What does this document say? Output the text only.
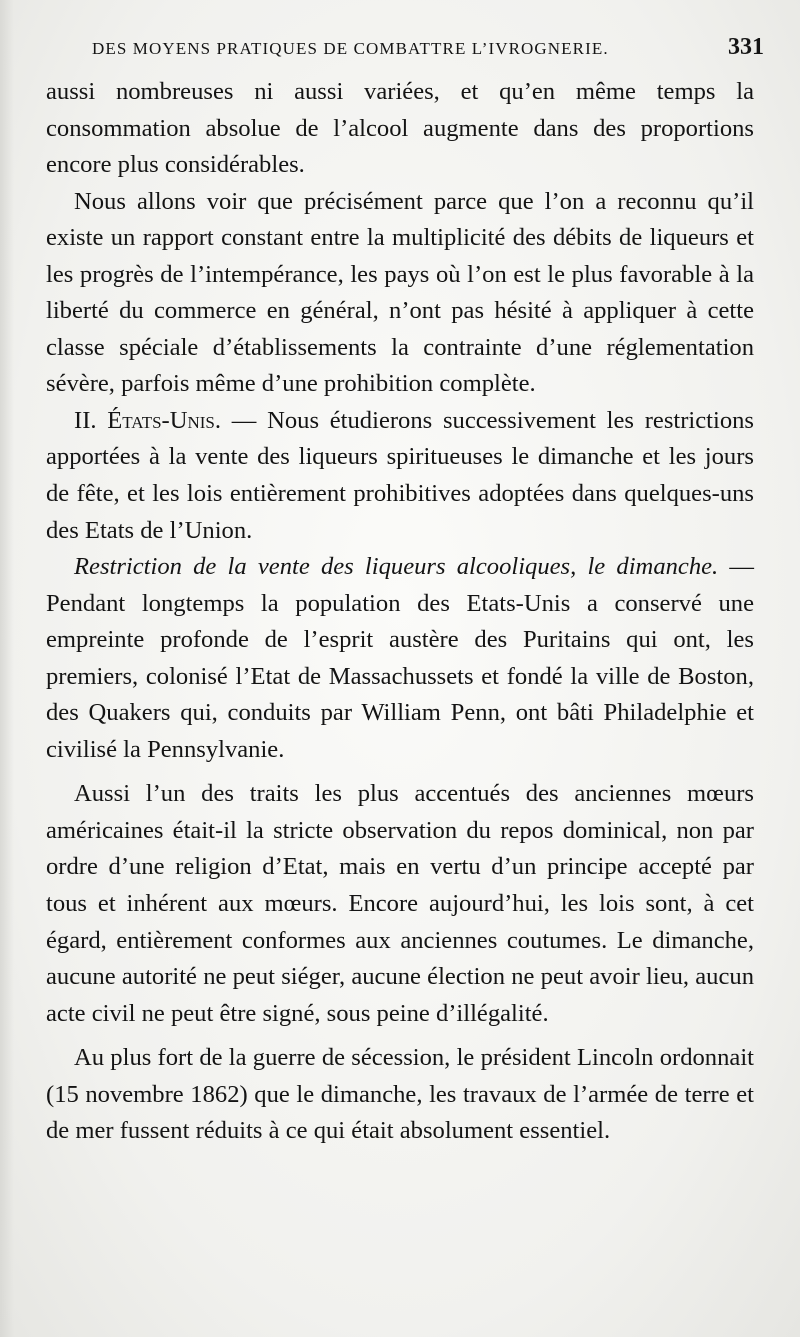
DES MOYENS PRATIQUES DE COMBATTRE L’IVROGNERIE.	331

aussi nombreuses ni aussi variées, et qu’en même temps la consommation absolue de l’alcool augmente dans des proportions encore plus considérables.

Nous allons voir que précisément parce que l’on a reconnu qu’il existe un rapport constant entre la multiplicité des débits de liqueurs et les progrès de l’intempérance, les pays où l’on est le plus favorable à la liberté du commerce en général, n’ont pas hésité à appliquer à cette classe spéciale d’établissements la contrainte d’une réglementation sévère, parfois même d’une prohibition complète.

II. États-Unis. — Nous étudierons successivement les restrictions apportées à la vente des liqueurs spiritueuses le dimanche et les jours de fête, et les lois entièrement prohibitives adoptées dans quelques-uns des Etats de l’Union.

Restriction de la vente des liqueurs alcooliques, le dimanche. — Pendant longtemps la population des Etats-Unis a conservé une empreinte profonde de l’esprit austère des Puritains qui ont, les premiers, colonisé l’Etat de Massachussets et fondé la ville de Boston, des Quakers qui, conduits par William Penn, ont bâti Philadelphie et civilisé la Pennsylvanie.

Aussi l’un des traits les plus accentués des anciennes mœurs américaines était-il la stricte observation du repos dominical, non par ordre d’une religion d’Etat, mais en vertu d’un principe accepté par tous et inhérent aux mœurs. Encore aujourd’hui, les lois sont, à cet égard, entièrement conformes aux anciennes coutumes. Le dimanche, aucune autorité ne peut siéger, aucune élection ne peut avoir lieu, aucun acte civil ne peut être signé, sous peine d’illégalité.

Au plus fort de la guerre de sécession, le président Lincoln ordonnait (15 novembre 1862) que le dimanche, les travaux de l’armée de terre et de mer fussent réduits à ce qui était absolument essentiel.
